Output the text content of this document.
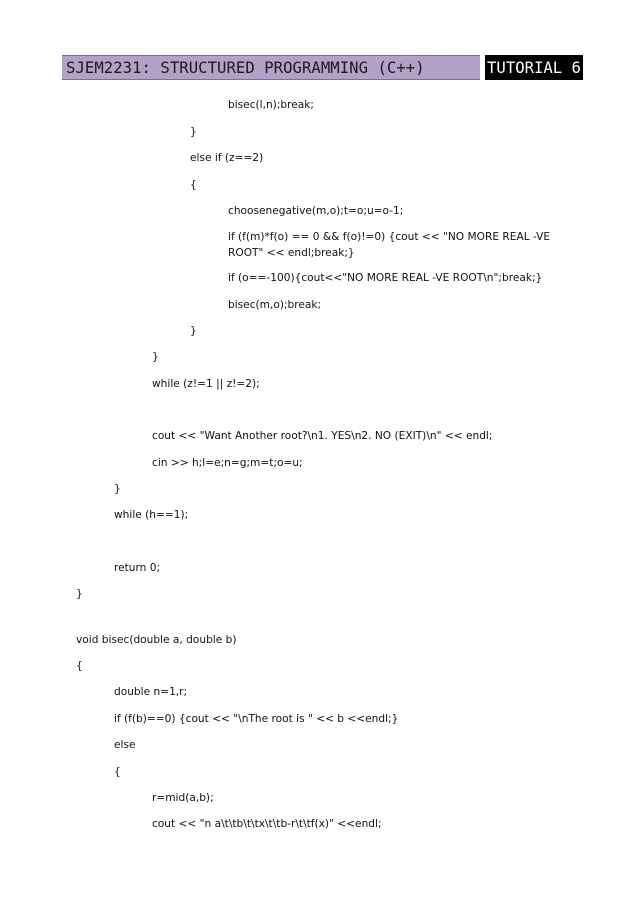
SJEM2231: STRUCTURED PROGRAMMING (C++)	TUTORIAL 6
bisec(l,n);break;
}
else if (z==2)
{
choosenegative(m,o);t=o;u=o-1;
if (f(m)*f(o) == 0 && f(o)!=0) {cout << "NO MORE REAL -VE ROOT" << endl;break;}
if (o==-100){cout<<"NO MORE REAL -VE ROOT\n";break;}
bisec(m,o);break;
}
}
while (z!=1 || z!=2);
cout << "Want Another root?\n1. YES\n2. NO (EXIT)\n" << endl;
cin >> h;l=e;n=g;m=t;o=u;
}
while (h==1);
return 0;
}
void bisec(double a, double b)
{
double n=1,r;
if (f(b)==0) {cout << "\nThe root is " << b <<endl;}
else
{
r=mid(a,b);
cout << "n a\t\tb\t\tx\t\tb-r\t\tf(x)" <<endl;
